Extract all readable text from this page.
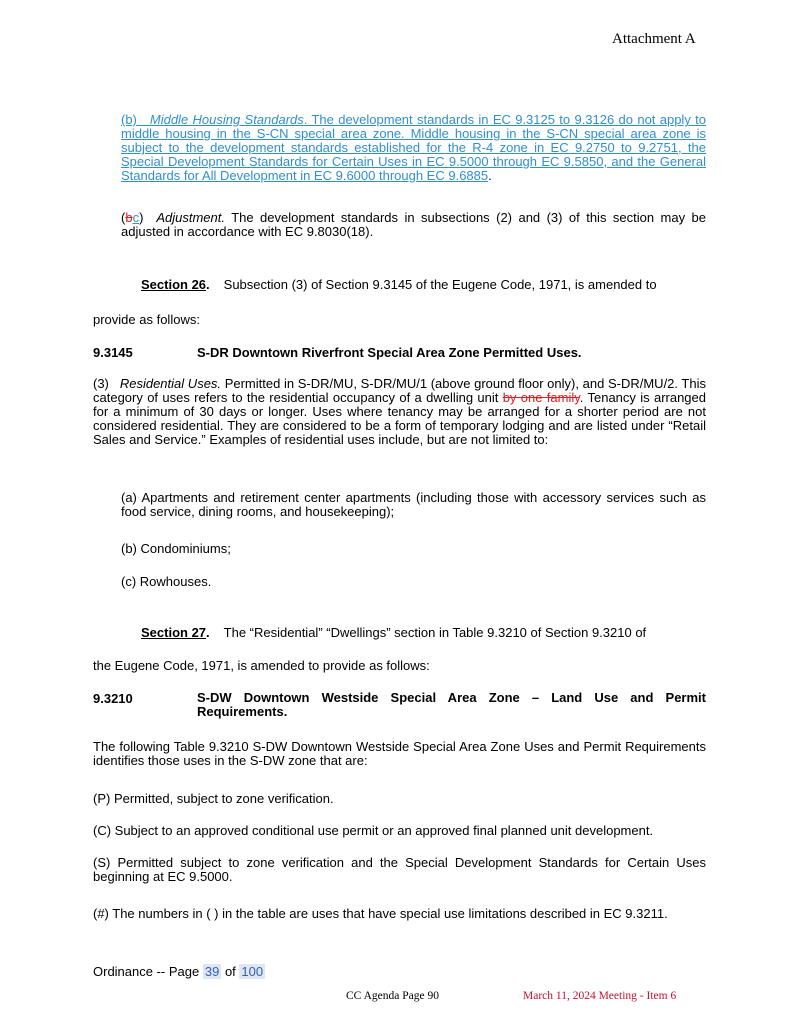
Attachment A
(b) Middle Housing Standards. The development standards in EC 9.3125 to 9.3126 do not apply to middle housing in the S-CN special area zone. Middle housing in the S-CN special area zone is subject to the development standards established for the R-4 zone in EC 9.2750 to 9.2751, the Special Development Standards for Certain Uses in EC 9.5000 through EC 9.5850, and the General Standards for All Development in EC 9.6000 through EC 9.6885.
(bc) Adjustment. The development standards in subsections (2) and (3) of this section may be adjusted in accordance with EC 9.8030(18).
Section 26. Subsection (3) of Section 9.3145 of the Eugene Code, 1971, is amended to
provide as follows:
9.3145	S-DR Downtown Riverfront Special Area Zone Permitted Uses.
(3) Residential Uses. Permitted in S-DR/MU, S-DR/MU/1 (above ground floor only), and S-DR/MU/2. This category of uses refers to the residential occupancy of a dwelling unit by one family. Tenancy is arranged for a minimum of 30 days or longer. Uses where tenancy may be arranged for a shorter period are not considered residential. They are considered to be a form of temporary lodging and are listed under “Retail Sales and Service.” Examples of residential uses include, but are not limited to:
(a) Apartments and retirement center apartments (including those with accessory services such as food service, dining rooms, and housekeeping);
(b) Condominiums;
(c) Rowhouses.
Section 27. The “Residential” “Dwellings” section in Table 9.3210 of Section 9.3210 of
the Eugene Code, 1971, is amended to provide as follows:
9.3210	S-DW Downtown Westside Special Area Zone – Land Use and Permit Requirements.
The following Table 9.3210 S-DW Downtown Westside Special Area Zone Uses and Permit Requirements identifies those uses in the S-DW zone that are:
(P) Permitted, subject to zone verification.
(C) Subject to an approved conditional use permit or an approved final planned unit development.
(S) Permitted subject to zone verification and the Special Development Standards for Certain Uses beginning at EC 9.5000.
(#) The numbers in ( ) in the table are uses that have special use limitations described in EC 9.3211.
Ordinance -- Page 39 of 100
CC Agenda Page 90	March 11, 2024 Meeting - Item 6
